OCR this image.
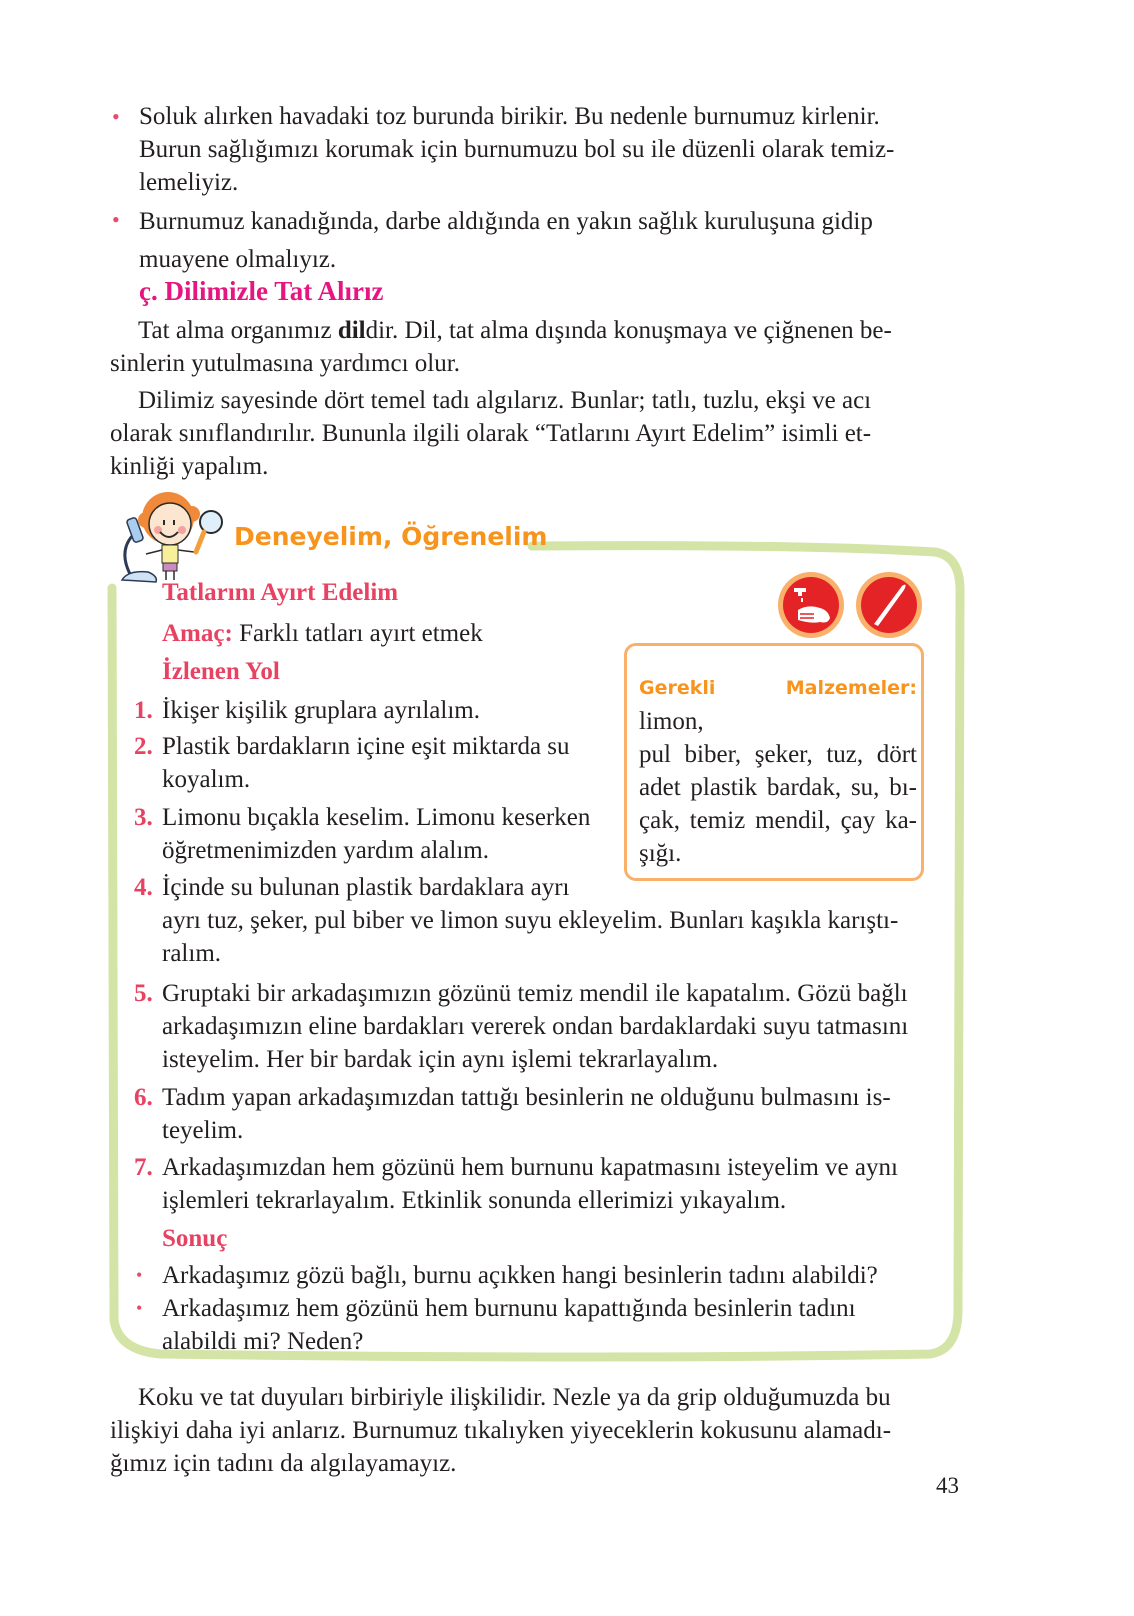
• Soluk alırken havadaki toz burunda birikir. Bu nedenle burnumuz kirlenir.
Burun sağlığımızı korumak için burnumuzu bol su ile düzenli olarak temiz-
lemeliyiz.
• Burnumuz kanadığında, darbe aldığında en yakın sağlık kuruluşuna gidip
muayene olmalıyız.
ç. Dilimizle Tat Alırız
Tat alma organımız dildir. Dil, tat alma dışında konuşmaya ve çiğnenen be-
sinlerin yutulmasına yardımcı olur.
Dilimiz sayesinde dört temel tadı algılarız. Bunlar; tatlı, tuzlu, ekşi ve acı
olarak sınıflandırılır. Bununla ilgili olarak “Tatlarını Ayırt Edelim” isimli et-
kinliği yapalım.
Deneyelim, Öğrenelim
Tatlarını Ayırt Edelim
Amaç: Farklı tatları ayırt etmek
İzlenen Yol
Gerekli Malzemeler: limon,
pul biber, şeker, tuz, dört
adet plastik bardak, su, bı-
çak, temiz mendil, çay ka-
şığı.
1. İkişer kişilik gruplara ayrılalım.
2. Plastik bardakların içine eşit miktarda su
koyalım.
3. Limonu bıçakla keselim. Limonu keserken
öğretmenimizden yardım alalım.
4. İçinde su bulunan plastik bardaklara ayrı
ayrı tuz, şeker, pul biber ve limon suyu ekleyelim. Bunları kaşıkla karıştı-
ralım.
5. Gruptaki bir arkadaşımızın gözünü temiz mendil ile kapatalım. Gözü bağlı
arkadaşımızın eline bardakları vererek ondan bardaklardaki suyu tatmasını
isteyelim. Her bir bardak için aynı işlemi tekrarlayalım.
6. Tadım yapan arkadaşımızdan tattığı besinlerin ne olduğunu bulmasını is-
teyelim.
7. Arkadaşımızdan hem gözünü hem burnunu kapatmasını isteyelim ve aynı
işlemleri tekrarlayalım. Etkinlik sonunda ellerimizi yıkayalım.
Sonuç
• Arkadaşımız gözü bağlı, burnu açıkken hangi besinlerin tadını alabildi?
• Arkadaşımız hem gözünü hem burnunu kapattığında besinlerin tadını
alabildi mi? Neden?
Koku ve tat duyuları birbiriyle ilişkilidir. Nezle ya da grip olduğumuzda bu
ilişkiyi daha iyi anlarız. Burnumuz tıkalıyken yiyeceklerin kokusunu alamadı-
ğımız için tadını da algılayamayız.
43
